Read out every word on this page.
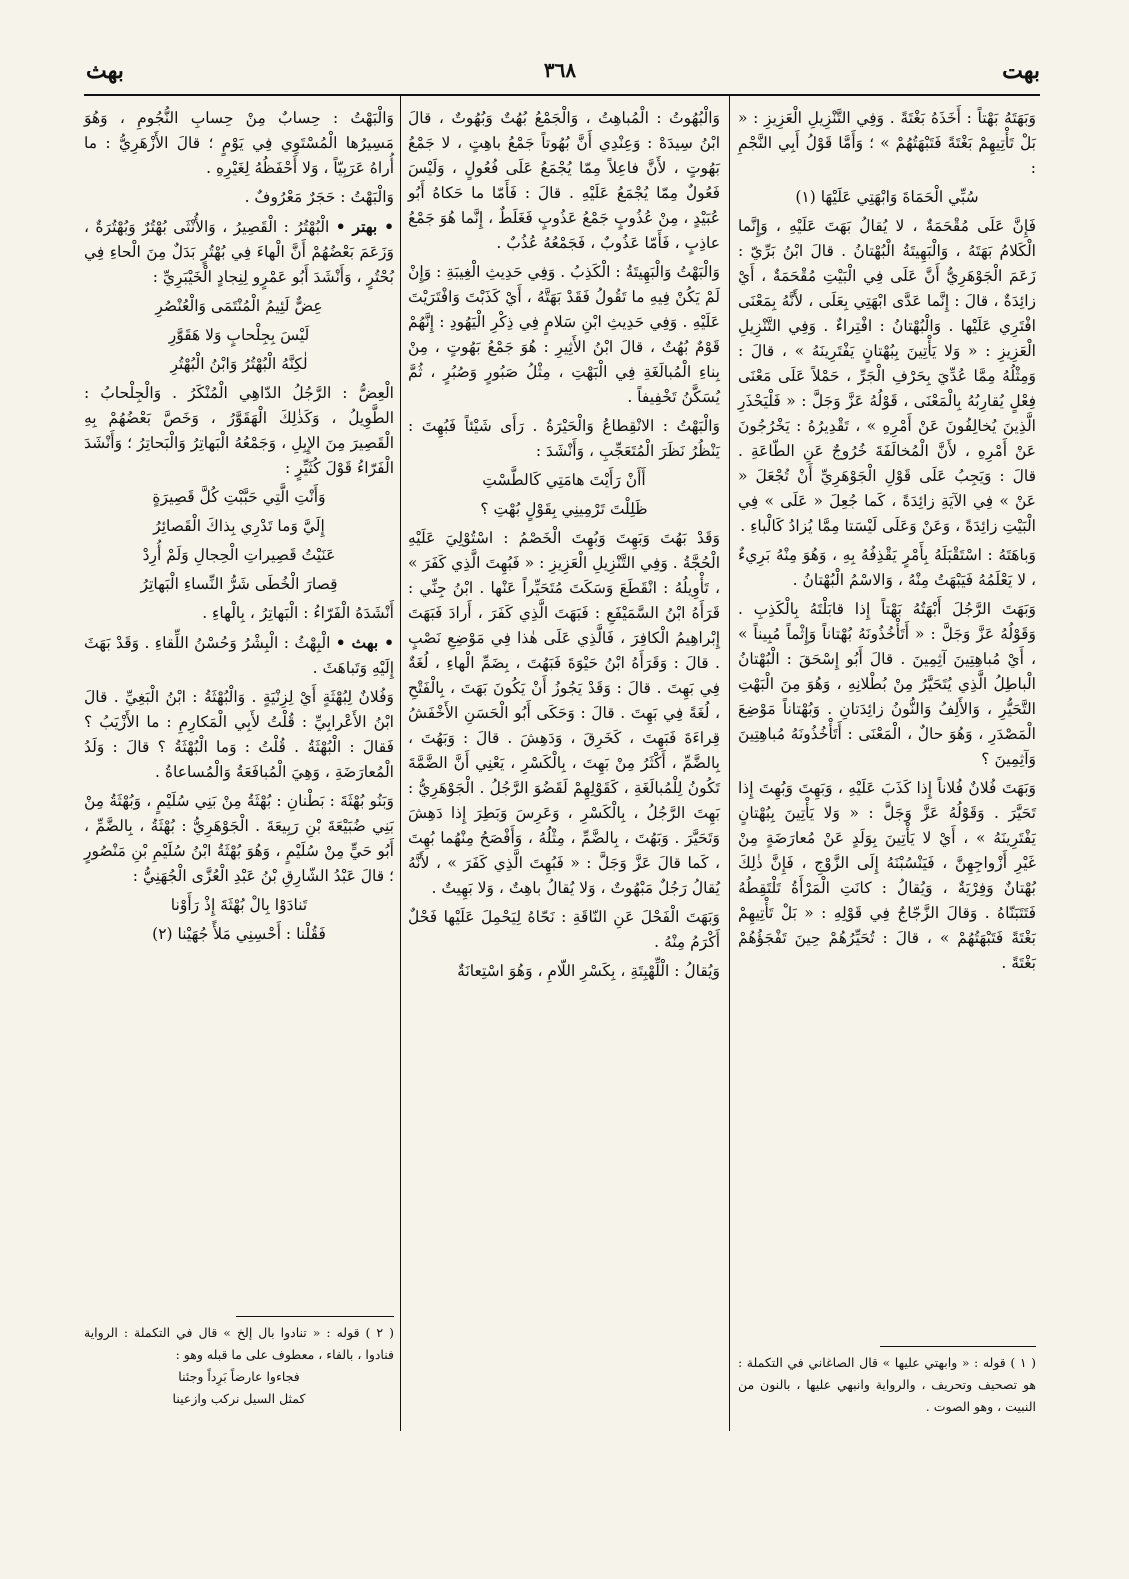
بهث	٣٦٨	بهت

وَبَهَتَهُ بَهْتاً : أَخَذَهُ بَغْتَةً . وَفِي التَّنْزِيلِ الْعَزِيزِ : « بَلْ تَأْتِيهِمْ بَغْتَةً فَتَبْهَتُهُمْ » ؛ وَأَمَّا قَوْلُ أَبِي النَّجْمِ :

سُبِّي الْحَمَاةَ وَابْهَتِي عَلَيْهَا (١)

فَإِنَّ عَلَى مُقْحَمَةٌ ، لا يُقالُ بَهَتَ عَلَيْهِ ، وَإِنَّما الْكَلامُ بَهَتَهُ ، وَالْبَهِيتَةُ الْبُهْتانُ . قالَ ابْنُ بَرِّيّ : زَعَمَ الْجَوْهَرِيُّ أَنَّ عَلَى فِي الْبَيْتِ مُقْحَمَةٌ ، أَيْ زائِدَةٌ ، قالَ : إِنَّما عَدَّى ابْهَتِي بِعَلَى ، لأَنَّهُ بِمَعْنَى افْتَرِي عَلَيْها . وَالْبُهْتانُ : افْتِراءٌ . وَفِي التَّنْزِيلِ الْعَزِيزِ : « وَلا يَأْتِينَ بِبُهْتانٍ يَفْتَرِينَهُ » ، قالَ : وَمِثْلُهُ مِمَّا عُدِّيَ بِحَرْفِ الْجَرِّ ، حَمْلاً عَلَى مَعْنَى فِعْلٍ يُقارِبُهُ بِالْمَعْنَى ، قَوْلُهُ عَزَّ وَجَلَّ : « فَلْيَحْذَرِ الَّذِينَ يُخالِفُونَ عَنْ أَمْرِهِ » ، تَقْدِيرُهُ : يَخْرُجُونَ عَنْ أَمْرِهِ ، لأَنَّ الْمُخالَفَةَ خُرُوجٌ عَنِ الطّاعَةِ . قالَ : وَيَجِبُ عَلَى قَوْلِ الْجَوْهَرِيِّ أَنْ تُجْعَلَ « عَنْ » فِي الآيَةِ زائِدَةً ، كَما جُعِلَ « عَلَى » فِي الْبَيْتِ زائِدَةً ، وَعَنْ وَعَلَى لَيْسَتا مِمَّا يُزادُ كَالْباءِ .

وَباهَتَهُ : اسْتَقْبَلَهُ بِأَمْرٍ يَقْذِفُهُ بِهِ ، وَهُوَ مِنْهُ بَرِيءٌ ، لا يَعْلَمُهُ فَيَبْهَتُ مِنْهُ ، وَالاسْمُ الْبُهْتانُ .

وَبَهَتَ الرَّجُلَ أَبْهَتُهُ بَهْتاً إِذا قابَلْتَهُ بِالْكَذِبِ . وَقَوْلُهُ عَزَّ وَجَلَّ : « أَتَأْخُذُونَهُ بُهْتاناً وَإِثْماً مُبِيناً » ، أَيْ مُباهِتِينَ آثِمِينَ . قالَ أَبُو إِسْحَقَ : الْبُهْتانُ الْباطِلُ الَّذِي يُتَحَيَّرُ مِنْ بُطْلانِهِ ، وَهُوَ مِنَ الْبَهْتِ التَّحَيُّرِ ، وَالأَلِفُ وَالنُّونُ زائِدَتانِ . وَبُهْتاناً مَوْضِعَ الْمَصْدَرِ ، وَهُوَ حالٌ ، الْمَعْنَى : أَتَأْخُذُونَهُ مُباهِتِينَ وَآثِمِينَ ؟

وَبَهَتَ فُلانٌ فُلاناً إِذا كَذَبَ عَلَيْهِ ، وَبَهِتَ وَبُهِتَ إِذا تَحَيَّرَ . وَقَوْلُهُ عَزَّ وَجَلَّ : « وَلا يَأْتِينَ بِبُهْتانٍ يَفْتَرِينَهُ » ، أَيْ لا يَأْتِينَ بِوَلَدٍ عَنْ مُعارَضَةٍ مِنْ غَيْرِ أَزْواجِهِنَّ ، فَيَنْسُبْنَهُ إِلَى الزَّوْجِ ، فَإِنَّ ذٰلِكَ بُهْتانٌ وَفِرْيَةٌ ، وَيُقالُ : كانَتِ الْمَرْأَةُ تَلْتَقِطُهُ فَتَتَبَنّاهُ . وَقالَ الزَّجّاجُ فِي قَوْلِهِ : « بَلْ تَأْتِيهِمْ بَغْتَةً فَتَبْهَتُهُمْ » ، قالَ : تُحَيِّرُهُمْ حِينَ تَفْجَؤُهُمْ بَغْتَةً .

وَالْبُهُوتُ : الْمُباهِتُ ، وَالْجَمْعُ بُهُتٌ وَبُهُوتٌ ، قالَ ابْنُ سِيدَهْ : وَعِنْدِي أَنَّ بُهُوتاً جَمْعُ باهِتٍ ، لا جَمْعُ بَهُوتٍ ، لأَنَّ فاعِلاً مِمّا يُجْمَعُ عَلَى فُعُولٍ ، وَلَيْسَ فَعُولٌ مِمّا يُجْمَعُ عَلَيْهِ . قالَ : فَأَمّا ما حَكاهُ أَبُو عُبَيْدٍ ، مِنْ عُذُوبٍ جَمْعُ عَذُوبٍ فَغَلَطٌ ، إِنَّما هُوَ جَمْعُ عاذِبٍ ، فَأَمّا عَذُوبٌ ، فَجَمْعُهُ عُذُبٌ .

وَالْبَهْتُ وَالْبَهِيتَةُ : الْكَذِبُ . وَفِي حَدِيثِ الْغِيبَةِ : وَإِنْ لَمْ يَكُنْ فِيهِ ما تَقُولُ فَقَدْ بَهَتَّهُ ، أَيْ كَذَبْتَ وَافْتَرَيْتَ عَلَيْهِ . وَفِي حَدِيثِ ابْنِ سَلامٍ فِي ذِكْرِ الْيَهُودِ : إِنَّهُمْ قَوْمٌ بُهُتٌ ، قالَ ابْنُ الأَثِيرِ : هُوَ جَمْعُ بَهُوتٍ ، مِنْ بِناءِ الْمُبالَغَةِ فِي الْبَهْتِ ، مِثْلُ صَبُورٍ وَصُبُرٍ ، ثُمَّ يُسَكَّنُ تَخْفِيفاً .

وَالْبَهْتُ : الانْقِطاعُ وَالْحَيْرَةُ . رَأَى شَيْئاً فَبُهِتَ : يَنْظُرُ نَظَرَ الْمُتَعَجِّبِ ، وَأَنْشَدَ :

أَأَنْ رَأَيْتَ هامَتِي كَالطَّسْتِ

ظَلِلْتَ تَرْمِينِي بِقَوْلٍ بُهْتِ ؟

وَقَدْ بَهُتَ وَبَهِتَ وَبُهِتَ الْخَصْمُ : اسْتُوْلِيَ عَلَيْهِ الْحُجَّةُ . وَفِي التَّنْزِيلِ الْعَزِيزِ : « فَبُهِتَ الَّذِي كَفَرَ » ، تَأْوِيلُهُ : انْقَطَعَ وَسَكَتَ مُتَحَيِّراً عَنْها . ابْنُ جِنِّي : قَرَأَهُ ابْنُ السَّمَيْفَعِ : فَبَهَتَ الَّذِي كَفَرَ ، أَرادَ فَبَهَتَ إِبْراهِيمُ الْكافِرَ ، فَالَّذِي عَلَى هٰذا فِي مَوْضِعِ نَصْبٍ . قالَ : وَقَرَأَهُ ابْنُ حَيْوَةَ فَبَهُتَ ، بِضَمِّ الْهاءِ ، لُغَةٌ فِي بَهِتَ . قالَ : وَقَدْ يَجُوزُ أَنْ يَكُونَ بَهَتَ ، بِالْفَتْحِ ، لُغَةً فِي بَهِتَ . قالَ : وَحَكَى أَبُو الْحَسَنِ الأَخْفَشُ قِراءَةَ فَبَهِتَ ، كَخَرِقَ ، وَدَهِشَ . قالَ : وَبَهُتَ ، بِالضَّمِّ ، أَكْثَرُ مِنْ بَهِتَ ، بِالْكَسْرِ ، يَعْنِي أَنَّ الضَّمَّةَ تَكُونُ لِلْمُبالَغَةِ ، كَقَوْلِهِمْ لَقَضُوَ الرَّجُلُ . الْجَوْهَرِيُّ : بَهِتَ الرَّجُلُ ، بِالْكَسْرِ ، وَعَرِسَ وَبَطِرَ إِذا دَهِشَ وَتَحَيَّرَ . وَبَهُتَ ، بِالضَّمِّ ، مِثْلُهُ ، وَأَفْصَحُ مِنْهُما بُهِتَ ، كَما قالَ عَزَّ وَجَلَّ : « فَبُهِتَ الَّذِي كَفَرَ » ، لأَنَّهُ يُقالُ رَجُلٌ مَبْهُوتٌ ، وَلا يُقالُ باهِتٌ ، وَلا بَهِيتٌ .

وَبَهَتَ الْفَحْلَ عَنِ النّاقَةِ : نَحّاهُ لِيَحْمِلَ عَلَيْها فَحْلٌ أَكْرَمُ مِنْهُ .

وَيُقالُ : الْلِّهْبِتَةِ ، بِكَسْرِ اللّامِ ، وَهُوَ اسْتِعانَةٌ

وَالْبَهْتُ : حِسابٌ مِنْ حِسابِ النُّجُومِ ، وَهُوَ مَسِيرُها الْمُسْتَوِي فِي يَوْمٍ ؛ قالَ الأَزْهَرِيُّ : ما أُراهُ عَرَبِيّاً ، وَلا أَحْفَظُهُ لِغَيْرِهِ .

وَالْبَهْتُ : حَجَرٌ مَعْرُوفٌ .

• بهتر • الْبُهْتُرُ : الْقَصِيرُ ، وَالأُنْثَى بُهْتُرٌ وَبُهْتُرَةٌ ، وَزَعَمَ بَعْضُهُمْ أَنَّ الْهاءَ فِي بُهْتُرٍ بَدَلٌ مِنَ الْحاءِ فِي بُحْتُرٍ ، وَأَنْشَدَ أَبُو عَمْرٍو لِنِجادٍ الْخَيْبَرِيِّ :

عِضٌّ لَئِيمُ الْمُنْتَمَى وَالْعُنْصُرِ

لَيْسَ بِجِلْحابٍ وَلا هَقَوَّرِ

لٰكِنَّهُ الْبُهْتُرُ وَابْنُ الْبُهْتُرِ

الْعِضُّ : الرَّجُلُ الدّاهِي الْمُنْكَرُ . وَالْجِلْحابُ : الطَّوِيلُ ، وَكَذٰلِكَ الْهَقَوَّرُ ، وَخَصَّ بَعْضُهُمْ بِهِ الْقَصِيرَ مِنَ الإِبِلِ ، وَجَمْعُهُ الْبَهاتِرُ وَالْبَحاتِرُ ؛ وَأَنْشَدَ الْفَرّاءُ قَوْلَ كُثَيِّرٍ :

وَأَنْتِ الَّتِي حَبَّبْتِ كُلَّ قَصِيرَةٍ

إِلَيَّ وَما تَدْرِي بِذاكَ الْقَصائِرُ

عَنَيْتُ قَصِيراتِ الْحِجالِ وَلَمْ أُرِدْ

قِصارَ الْخُطَى شَرُّ النِّساءِ الْبَهاتِرُ

أَنْشَدَهُ الْفَرّاءُ : الْبَهاتِرُ ، بِالْهاءِ .

• بهث • الْبِهْثُ : الْبِشْرُ وَحُسْنُ اللِّقاءِ . وَقَدْ بَهَثَ إِلَيْهِ وَتَباهَثَ .

وَفُلانٌ لِبُهْثَةٍ أَيْ لِزِنْيَةٍ . وَالْبُهْثَةُ : ابْنُ الْبَغِيِّ . قالَ ابْنُ الأَعْرابِيِّ : قُلْتُ لأَبِي الْمَكارِمِ : ما الأَزْيَبُ ؟ فَقالَ : الْبُهْثَةُ . قُلْتُ : وَما الْبُهْثَةُ ؟ قالَ : وَلَدُ الْمُعارَضَةِ ، وَهِيَ الْمُبافَعَةُ وَالْمُساعاةُ .

وَبَنُو بُهْثَةَ : بَطْنانِ : بُهْثَةُ مِنْ بَنِي سُلَيْمٍ ، وَبُهْثَةُ مِنْ بَنِي ضُبَيْعَةَ بْنِ رَبِيعَةَ . الْجَوْهَرِيُّ : بُهْثَةُ ، بِالضَّمِّ ، أَبُو حَيٍّ مِنْ سُلَيْمٍ ، وَهُوَ بُهْثَةُ ابْنُ سُلَيْمِ بْنِ مَنْصُورٍ ؛ قالَ عَبْدُ الشّارِقِ بْنُ عَبْدِ الْعُزَّى الْجُهَنِيُّ :

تَنادَوْا بِالْ بُهْثَةَ إِذْ رَأَوْنا

فَقُلْنا : أَحْسِنِي مَلأً جُهَيْنا (٢)

( ١ ) قوله : « وابهتي عليها » قال الصاغاني في التكملة : هو تصحيف وتحريف ، والرواية وانبهي عليها ، بالنون من النبيت ، وهو الصوت .
( ٢ ) قوله : « تنادوا بال إلخ » قال في التكملة : الرواية فنادوا ، بالفاء ، معطوف على ما قبله وهو :
فجاءوا عارضاً بَرِداً وجئنا
كمثل السيل نركب وازعينا
